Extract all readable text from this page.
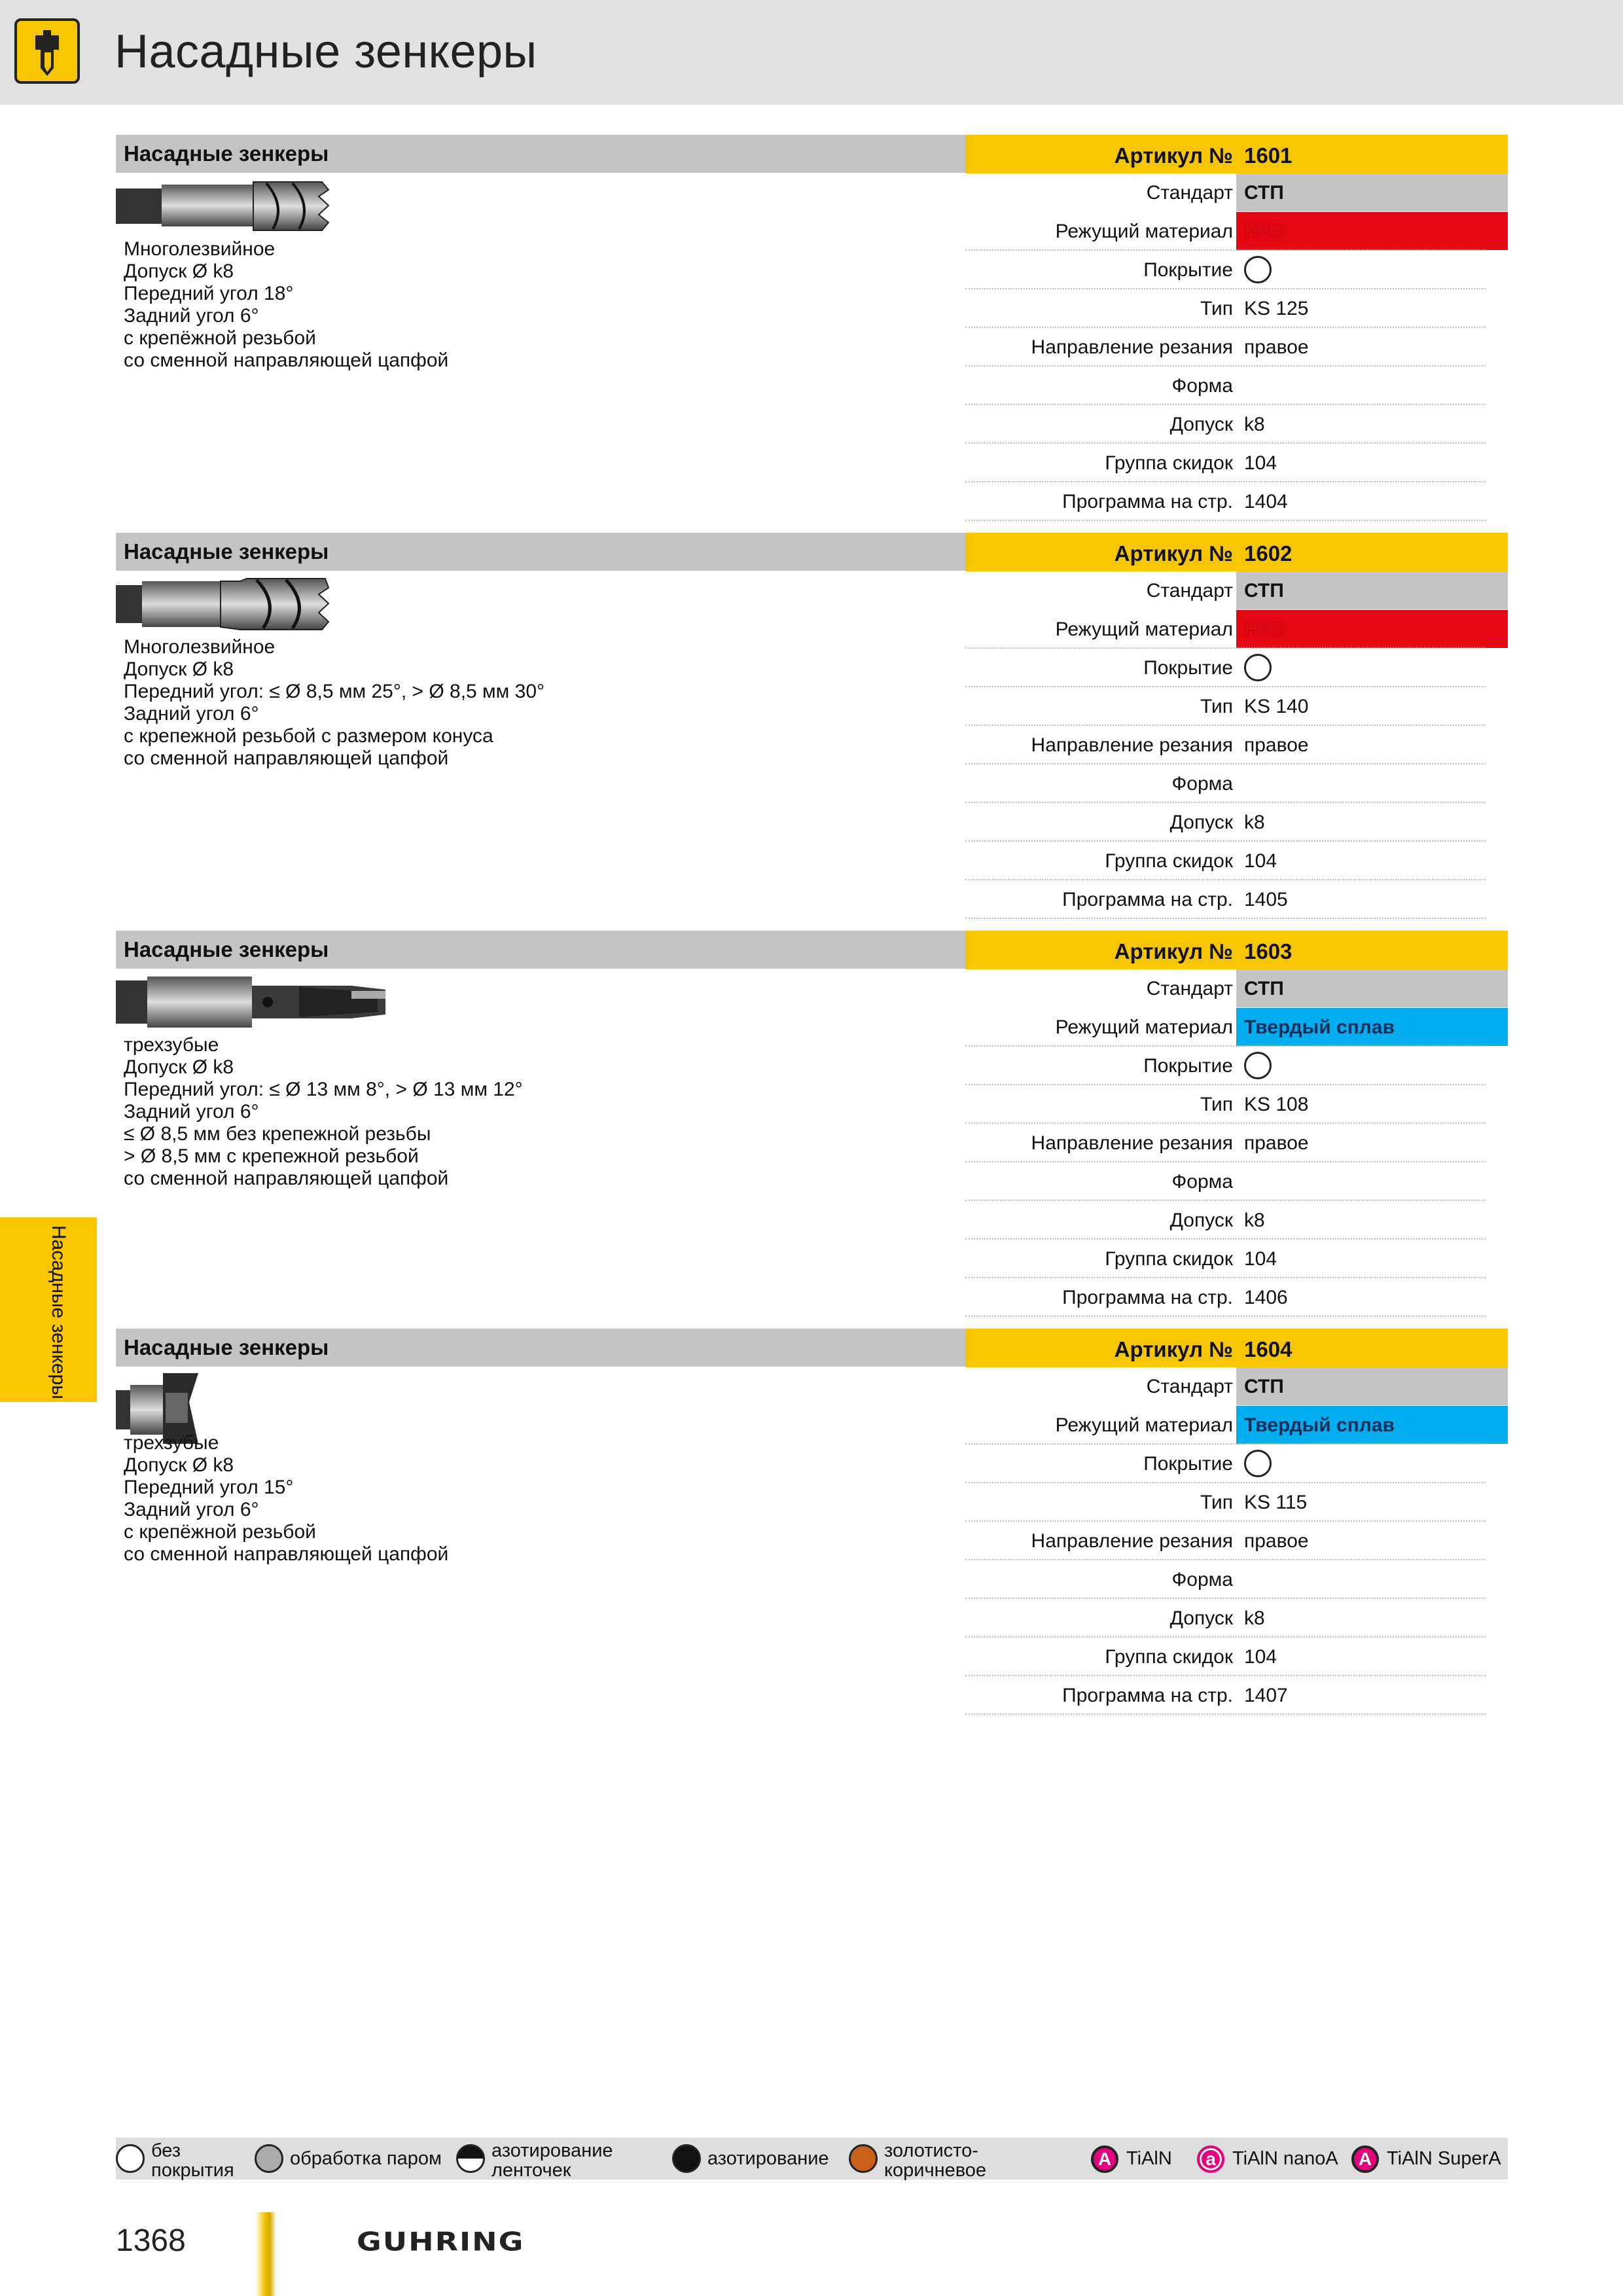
Насадные зенкеры
Насадные зенкеры
Насадные зенкеры
Многолезвийное
Допуск Ø k8
Передний угол 18°
Задний угол 6°
с крепёжной резьбой
со сменной направляющей цапфой
Артикул № 1601
Стандарт СТП
Режущий материал HSS
Покрытие
Тип KS 125
Направление резания правое
Форма
Допуск k8
Группа скидок 104
Программа на стр. 1404
Насадные зенкеры
Многолезвийное
Допуск Ø k8
Передний угол: ≤ Ø 8,5 мм 25°, > Ø 8,5 мм 30°
Задний угол 6°
с крепежной резьбой с размером конуса
со сменной направляющей цапфой
Артикул № 1602
Стандарт СТП
Режущий материал HSS
Покрытие
Тип KS 140
Направление резания правое
Форма
Допуск k8
Группа скидок 104
Программа на стр. 1405
Насадные зенкеры
трехзубые
Допуск Ø k8
Передний угол: ≤ Ø 13 мм 8°, > Ø 13 мм 12°
Задний угол 6°
≤ Ø 8,5 мм без крепежной резьбы
> Ø 8,5 мм с крепежной резьбой
со сменной направляющей цапфой
Артикул № 1603
Стандарт СТП
Режущий материал Твердый сплав
Покрытие
Тип KS 108
Направление резания правое
Форма
Допуск k8
Группа скидок 104
Программа на стр. 1406
Насадные зенкеры
трехзубые
Допуск Ø k8
Передний угол 15°
Задний угол 6°
с крепёжной резьбой
со сменной направляющей цапфой
Артикул № 1604
Стандарт СТП
Режущий материал Твердый сплав
Покрытие
Тип KS 115
Направление резания правое
Форма
Допуск k8
Группа скидок 104
Программа на стр. 1407
без
покрытия
обработка паром	азотирование
ленточек
азотирование	золотисто-
коричневое
A TiAlN	a TiAlN nanoA	A TiAlN SuperA
1368	GUHRING
